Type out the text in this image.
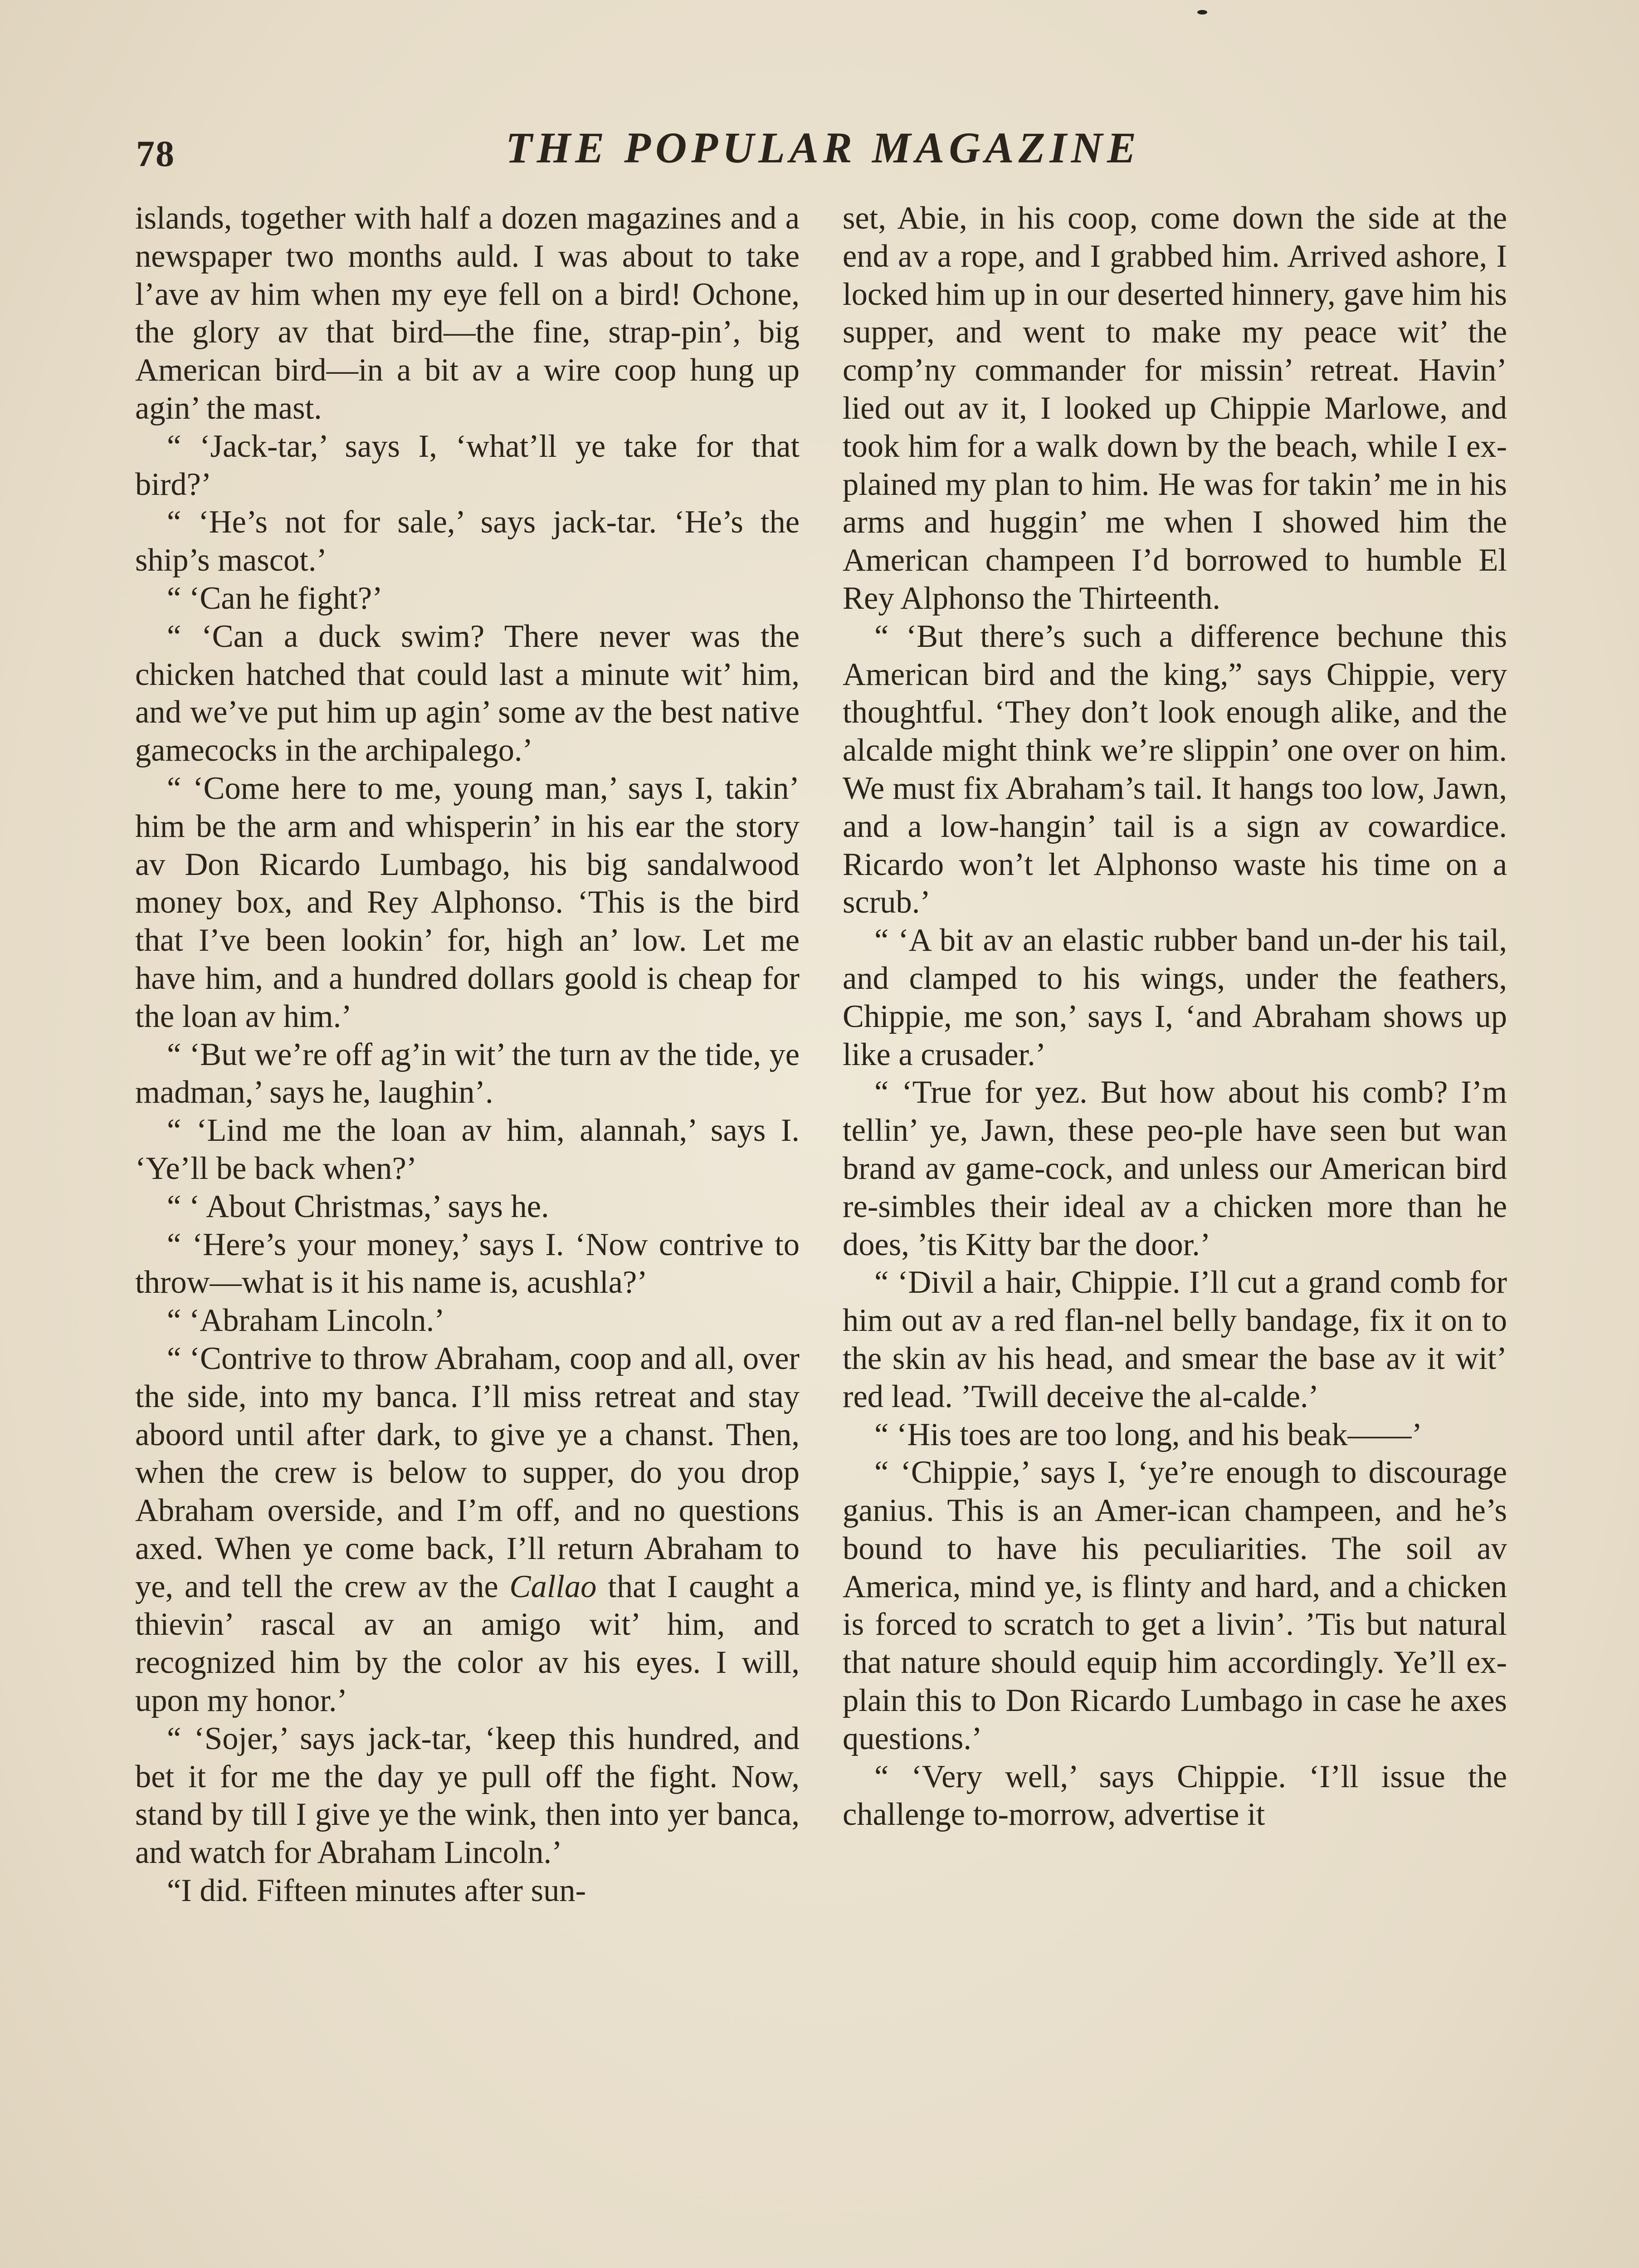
78	THE POPULAR MAGAZINE

islands, together with half a dozen magazines and a newspaper two months auld. I was about to take l’ave av him when my eye fell on a bird! Ochone, the glory av that bird—the fine, strap-pin’, big American bird—in a bit av a wire coop hung up agin’ the mast.

“ ‘Jack-tar,’ says I, ‘what’ll ye take for that bird?’

“ ‘He’s not for sale,’ says jack-tar. ‘He’s the ship’s mascot.’

“ ‘Can he fight?’

“ ‘Can a duck swim? There never was the chicken hatched that could last a minute wit’ him, and we’ve put him up agin’ some av the best native gamecocks in the archipalego.’

“ ‘Come here to me, young man,’ says I, takin’ him be the arm and whisperin’ in his ear the story av Don Ricardo Lumbago, his big sandalwood money box, and Rey Alphonso. ‘This is the bird that I’ve been lookin’ for, high an’ low. Let me have him, and a hundred dollars goold is cheap for the loan av him.’

“ ‘But we’re off ag’in wit’ the turn av the tide, ye madman,’ says he, laughin’.

“ ‘Lind me the loan av him, alannah,’ says I. ‘Ye’ll be back when?’

“ ‘ About Christmas,’ says he.

“ ‘Here’s your money,’ says I. ‘Now contrive to throw—what is it his name is, acushla?’

“ ‘Abraham Lincoln.’

“ ‘Contrive to throw Abraham, coop and all, over the side, into my banca. I’ll miss retreat and stay aboord until after dark, to give ye a chanst. Then, when the crew is below to supper, do you drop Abraham overside, and I’m off, and no questions axed. When ye come back, I’ll return Abraham to ye, and tell the crew av the Callao that I caught a thievin’ rascal av an amigo wit’ him, and recognized him by the color av his eyes. I will, upon my honor.’

“ ‘Sojer,’ says jack-tar, ‘keep this hundred, and bet it for me the day ye pull off the fight. Now, stand by till I give ye the wink, then into yer banca, and watch for Abraham Lincoln.’

“I did. Fifteen minutes after sun-

set, Abie, in his coop, come down the side at the end av a rope, and I grabbed him. Arrived ashore, I locked him up in our deserted hinnery, gave him his supper, and went to make my peace wit’ the comp’ny commander for missin’ retreat. Havin’ lied out av it, I looked up Chippie Marlowe, and took him for a walk down by the beach, while I ex-plained my plan to him. He was for takin’ me in his arms and huggin’ me when I showed him the American champeen I’d borrowed to humble El Rey Alphonso the Thirteenth.

“ ‘But there’s such a difference bechune this American bird and the king,” says Chippie, very thoughtful. ‘They don’t look enough alike, and the alcalde might think we’re slippin’ one over on him. We must fix Abraham’s tail. It hangs too low, Jawn, and a low-hangin’ tail is a sign av cowardice. Ricardo won’t let Alphonso waste his time on a scrub.’

“ ‘A bit av an elastic rubber band un-der his tail, and clamped to his wings, under the feathers, Chippie, me son,’ says I, ‘and Abraham shows up like a crusader.’

“ ‘True for yez. But how about his comb? I’m tellin’ ye, Jawn, these peo-ple have seen but wan brand av game-cock, and unless our American bird re-simbles their ideal av a chicken more than he does, ’tis Kitty bar the door.’

“ ‘Divil a hair, Chippie. I’ll cut a grand comb for him out av a red flan-nel belly bandage, fix it on to the skin av his head, and smear the base av it wit’ red lead. ’Twill deceive the al-calde.’

“ ‘His toes are too long, and his beak——’

“ ‘Chippie,’ says I, ‘ye’re enough to discourage ganius. This is an Amer-ican champeen, and he’s bound to have his peculiarities. The soil av America, mind ye, is flinty and hard, and a chicken is forced to scratch to get a livin’. ’Tis but natural that nature should equip him accordingly. Ye’ll ex-plain this to Don Ricardo Lumbago in case he axes questions.’

“ ‘Very well,’ says Chippie. ‘I’ll issue the challenge to-morrow, advertise it
